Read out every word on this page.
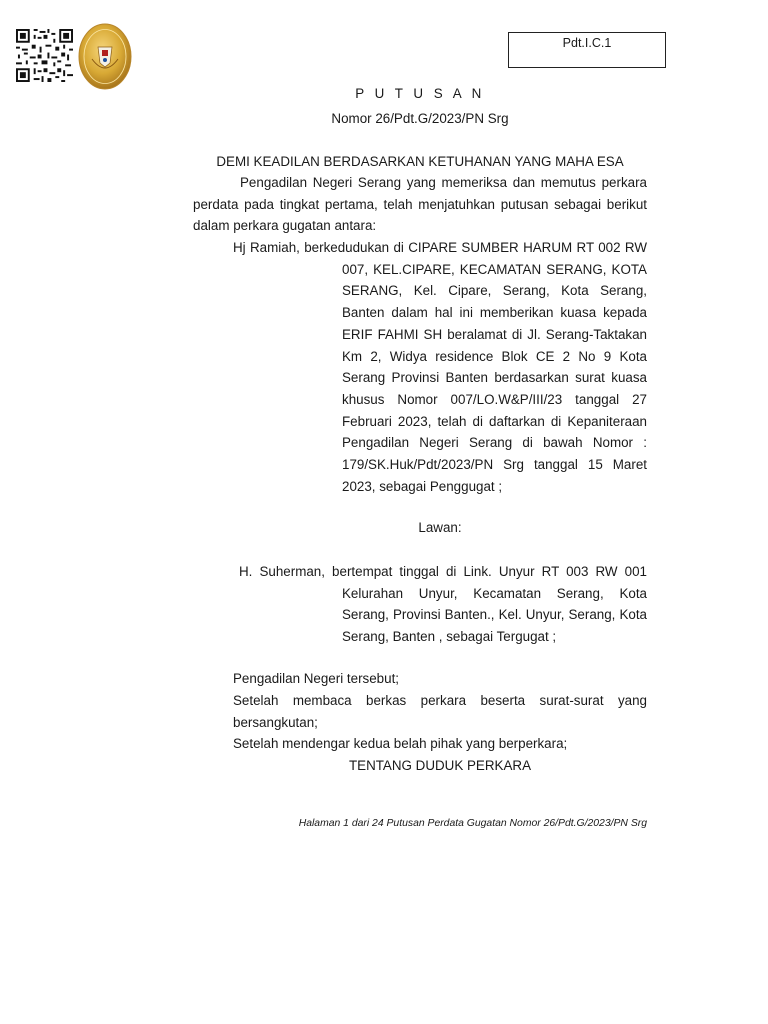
Pdt.I.C.1
P U T U S A N
Nomor 26/Pdt.G/2023/PN Srg
DEMI KEADILAN BERDASARKAN KETUHANAN YANG MAHA ESA
Pengadilan Negeri Serang yang memeriksa dan memutus perkara perdata pada tingkat pertama, telah menjatuhkan putusan sebagai berikut dalam perkara gugatan antara:
Hj Ramiah, berkedudukan di CIPARE SUMBER HARUM RT 002 RW 007, KEL.CIPARE, KECAMATAN SERANG, KOTA SERANG, Kel. Cipare, Serang, Kota Serang, Banten dalam hal ini memberikan kuasa kepada ERIF FAHMI SH beralamat di Jl. Serang-Taktakan Km 2, Widya residence Blok CE 2 No 9 Kota Serang Provinsi Banten berdasarkan surat kuasa khusus Nomor 007/LO.W&P/III/23 tanggal 27 Februari 2023, telah di daftarkan di Kepaniteraan Pengadilan Negeri Serang di bawah Nomor : 179/SK.Huk/Pdt/2023/PN Srg tanggal 15 Maret 2023, sebagai Penggugat ;
Lawan:
H. Suherman, bertempat tinggal di Link. Unyur RT 003 RW 001 Kelurahan Unyur, Kecamatan Serang, Kota Serang, Provinsi Banten., Kel. Unyur, Serang, Kota Serang, Banten , sebagai Tergugat ;
Pengadilan Negeri tersebut;
Setelah membaca berkas perkara beserta surat-surat yang bersangkutan;
Setelah mendengar kedua belah pihak yang berperkara;
TENTANG DUDUK PERKARA
Halaman 1 dari 24 Putusan Perdata Gugatan Nomor 26/Pdt.G/2023/PN Srg
